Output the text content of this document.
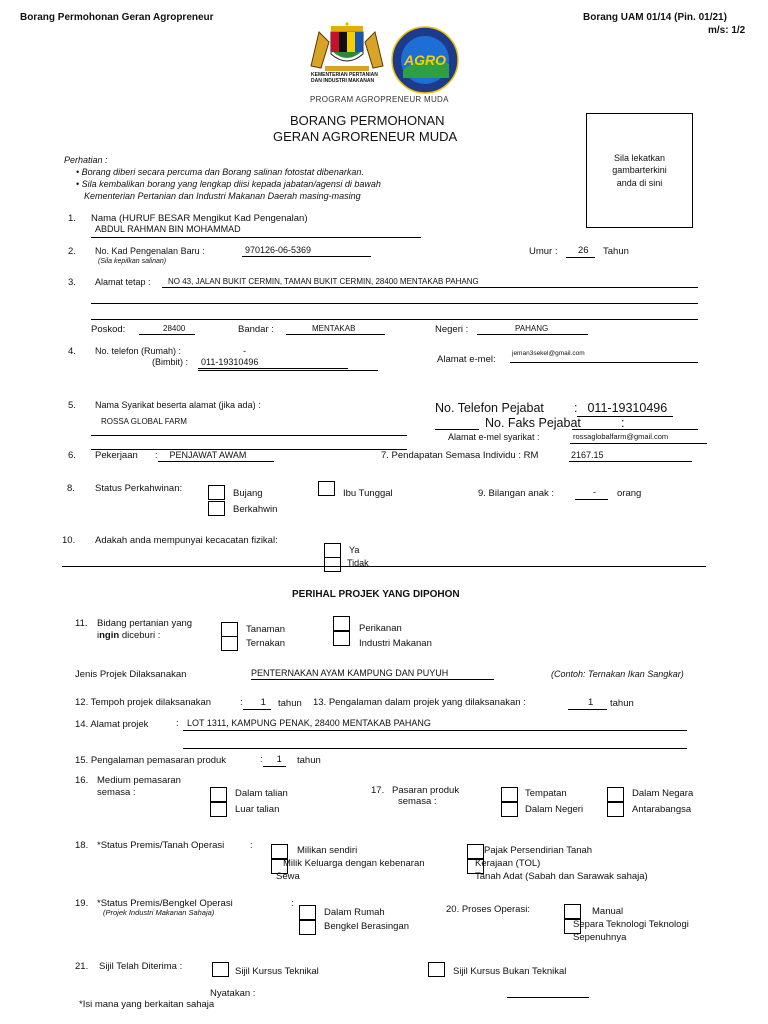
Borang Permohonan Geran Agropreneur	Borang UAM 01/14 (Pin. 01/21)
m/s: 1/2
KEMENTERIAN PERTANIAN
DAN INDUSTRI MAKANAN
AGRO
PROGRAM AGROPRENEUR MUDA
BORANG PERMOHONAN
GERAN AGRORENEUR MUDA
Sila lekatkan
gambarterkini
anda di sini
Perhatian :
• Borang diberi secara percuma dan Borang salinan fotostat dibenarkan.
• Sila kembalikan borang yang lengkap diisi kepada jabatan/agensi di bawah
Kementerian Pertanian dan Industri Makanan Daerah masing-masing
1. Nama (HURUF BESAR Mengikut Kad Pengenalan)
ABDUL RAHMAN BIN MOHAMMAD
2. No. Kad Pengenalan Baru :	970126-06-5369
(Sila kepilkan salinan)
Umur :	26	Tahun
3. Alamat tetap : NO 43, JALAN BUKIT CERMIN, TAMAN BUKIT CERMIN, 28400 MENTAKAB PAHANG
Poskod:	28400	Bandar :	MENTAKAB	Negeri :	PAHANG
4. No. telefon (Rumah) :	-
(Bimbit) :	011-19310496	Alamat e-mel:
jeman3sekel@gmail.com
5. Nama Syarikat beserta alamat (jika ada) :
ROSSA GLOBAL FARM
No. Telefon Pejabat : 011-19310496
No. Faks Pejabat	:
Alamat e-mel syarikat :	rossaglobalfarm@gmail.com
6. Pekerjaan : PENJAWAT AWAM	7. Pendapatan Semasa Individu : RM	2167.15
8. Status Perkahwinan:	Bujang
Berkahwin
Ibu Tunggal	9. Bilangan anak :	-	orang
10. Adakah anda mempunyai kecacatan fizikal:
Ya
Tidak
PERIHAL PROJEK YANG DIPOHON
11. Bidang pertanian yang
ingin diceburi :
Tanaman
Ternakan
Perikanan
Industri Makanan
Jenis Projek Dilaksanakan	PENTERNAKAN AYAM KAMPUNG DAN PUYUH	(Contoh: Ternakan Ikan Sangkar)
12. Tempoh projek dilaksanakan	: 1	tahun 13. Pengalaman dalam projek yang dilaksanakan :	1	tahun
14. Alamat projek	: LOT 1311, KAMPUNG PENAK, 28400 MENTAKAB PAHANG
15. Pengalaman pemasaran produk	: 1	tahun
16. Medium pemasaran
semasa :	Dalam talian
Luar talian
17. Pasaran produk
semasa :
Tempatan
Dalam Negeri
Dalam Negara
Antarabangsa
18. *Status Premis/Tanah Operasi	:	Milikan sendiri
Milik Keluarga dengan kebenaran
Sewa
Pajak Persendirian Tanah
Kerajaan (TOL)
Tanah Adat (Sabah dan Sarawak sahaja)
19. *Status Premis/Bengkel Operasi
(Projek Industri Makanan Sahaja)
:
Dalam Rumah
Bengkel Berasingan
20. Proses Operasi:	Manual
Separa Teknologi Teknologi
Sepenuhnya
21. Sijil Telah Diterima :	Sijil Kursus Teknikal	Sijil Kursus Bukan Teknikal
Nyatakan :
*Isi mana yang berkaitan sahaja
